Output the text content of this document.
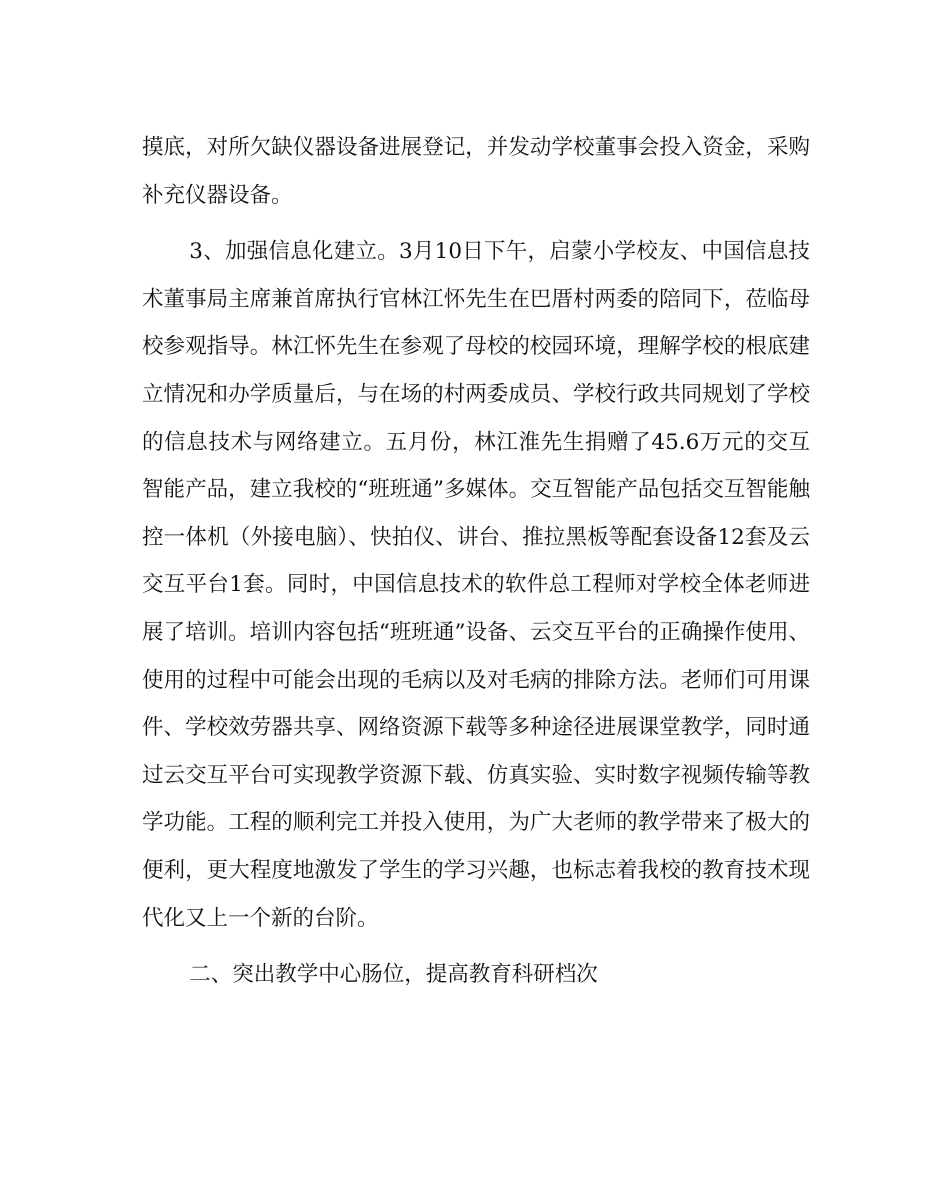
摸底，对所欠缺仪器设备进展登记，并发动学校董事会投入资金，采购补充仪器设备。

3、加强信息化建立。3月10日下午，启蒙小学校友、中国信息技术董事局主席兼首席执行官林江怀先生在巴厝村两委的陪同下，莅临母校参观指导。林江怀先生在参观了母校的校园环境，理解学校的根底建立情况和办学质量后，与在场的村两委成员、学校行政共同规划了学校的信息技术与网络建立。五月份，林江淮先生捐赠了45.6万元的交互智能产品，建立我校的“班班通”多媒体。交互智能产品包括交互智能触控一体机（外接电脑）、快拍仪、讲台、推拉黑板等配套设备12套及云交互平台1套。同时，中国信息技术的软件总工程师对学校全体老师进展了培训。培训内容包括“班班通”设备、云交互平台的正确操作使用、使用的过程中可能会出现的毛病以及对毛病的排除方法。老师们可用课件、学校效劳器共享、网络资源下载等多种途径进展课堂教学，同时通过云交互平台可实现教学资源下载、仿真实验、实时数字视频传输等教学功能。工程的顺利完工并投入使用，为广大老师的教学带来了极大的便利，更大程度地激发了学生的学习兴趣，也标志着我校的教育技术现代化又上一个新的台阶。

二、突出教学中心肠位，提高教育科研档次
